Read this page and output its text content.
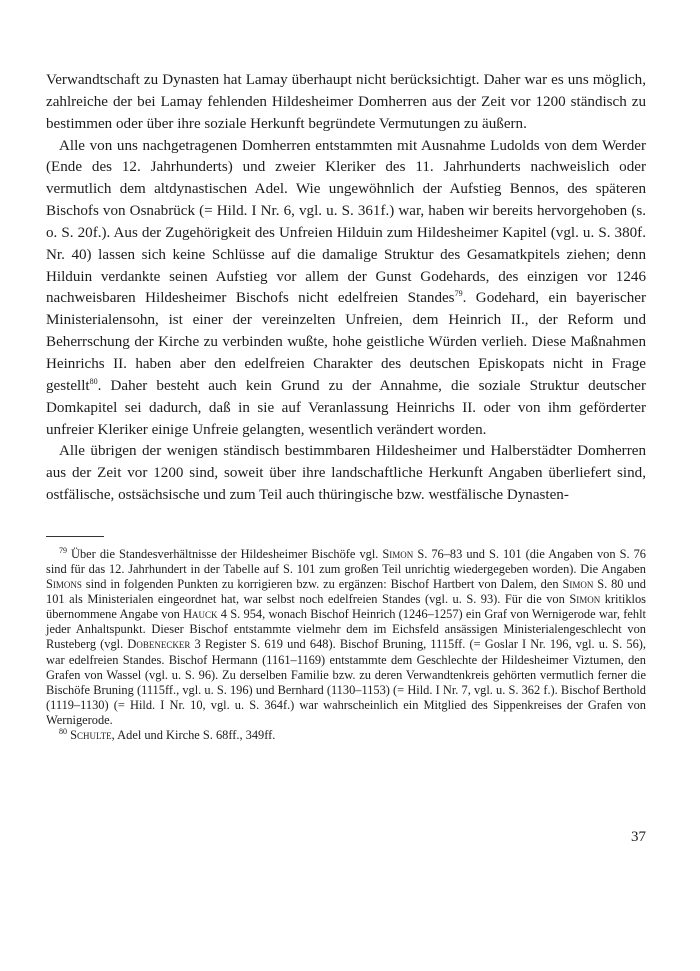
Verwandtschaft zu Dynasten hat Lamay überhaupt nicht berücksichtigt. Daher war es uns möglich, zahlreiche der bei Lamay fehlenden Hildesheimer Domherren aus der Zeit vor 1200 ständisch zu bestimmen oder über ihre soziale Herkunft begründete Vermutungen zu äußern.

Alle von uns nachgetragenen Domherren entstammten mit Ausnahme Ludolds von dem Werder (Ende des 12. Jahrhunderts) und zweier Kleriker des 11. Jahrhunderts nachweislich oder vermutlich dem altdynastischen Adel. Wie ungewöhnlich der Aufstieg Bennos, des späteren Bischofs von Osnabrück (= Hild. I Nr. 6, vgl. u. S. 361f.) war, haben wir bereits hervorgehoben (s. o. S. 20f.). Aus der Zugehörigkeit des Unfreien Hilduin zum Hildesheimer Kapitel (vgl. u. S. 380f. Nr. 40) lassen sich keine Schlüsse auf die damalige Struktur des Gesamatkpitels ziehen; denn Hilduin verdankte seinen Aufstieg vor allem der Gunst Godehards, des einzigen vor 1246 nachweisbaren Hildesheimer Bischofs nicht edelfreien Standes$^{79}$. Godehard, ein bayerischer Ministerialensohn, ist einer der vereinzelten Unfreien, dem Heinrich II., der Reform und Beherrschung der Kirche zu verbinden wußte, hohe geistliche Würden verlieh. Diese Maßnahmen Heinrichs II. haben aber den edelfreien Charakter des deutschen Episkopats nicht in Frage gestellt$^{80}$. Daher besteht auch kein Grund zu der Annahme, die soziale Struktur deutscher Domkapitel sei dadurch, daß in sie auf Veranlassung Heinrichs II. oder von ihm geförderter unfreier Kleriker einige Unfreie gelangten, wesentlich verändert worden.

Alle übrigen der wenigen ständisch bestimmbaren Hildesheimer und Halberstädter Domherren aus der Zeit vor 1200 sind, soweit über ihre landschaftliche Herkunft Angaben überliefert sind, ostfälische, ostsächsische und zum Teil auch thüringische bzw. westfälische Dynasten-

$^{79}$ Über die Standesverhältnisse der Hildesheimer Bischöfe vgl. Simon S. 76–83 und S. 101 (die Angaben von S. 76 sind für das 12. Jahrhundert in der Tabelle auf S. 101 zum großen Teil unrichtig wiedergegeben worden). Die Angaben Simons sind in folgenden Punkten zu korrigieren bzw. zu ergänzen: Bischof Hartbert von Dalem, den Simon S. 80 und 101 als Ministerialen eingeordnet hat, war selbst noch edelfreien Standes (vgl. u. S. 93). Für die von Simon kritiklos übernommene Angabe von Hauck 4 S. 954, wonach Bischof Heinrich (1246–1257) ein Graf von Wernigerode war, fehlt jeder Anhaltspunkt. Dieser Bischof entstammte vielmehr dem im Eichsfeld ansässigen Ministerialengeschlecht von Rusteberg (vgl. Dobenecker 3 Register S. 619 und 648). Bischof Bruning, 1115ff. (= Goslar I Nr. 196, vgl. u. S. 56), war edelfreien Standes. Bischof Hermann (1161–1169) entstammte dem Geschlechte der Hildesheimer Viztumen, den Grafen von Wassel (vgl. u. S. 96). Zu derselben Familie bzw. zu deren Verwandtenkreis gehörten vermutlich ferner die Bischöfe Bruning (1115ff., vgl. u. S. 196) und Bernhard (1130–1153) (= Hild. I Nr. 7, vgl. u. S. 362 f.). Bischof Berthold (1119–1130) (= Hild. I Nr. 10, vgl. u. S. 364f.) war wahrscheinlich ein Mitglied des Sippenkreises der Grafen von Wernigerode.

$^{80}$ Schulte, Adel und Kirche S. 68ff., 349ff.

37
